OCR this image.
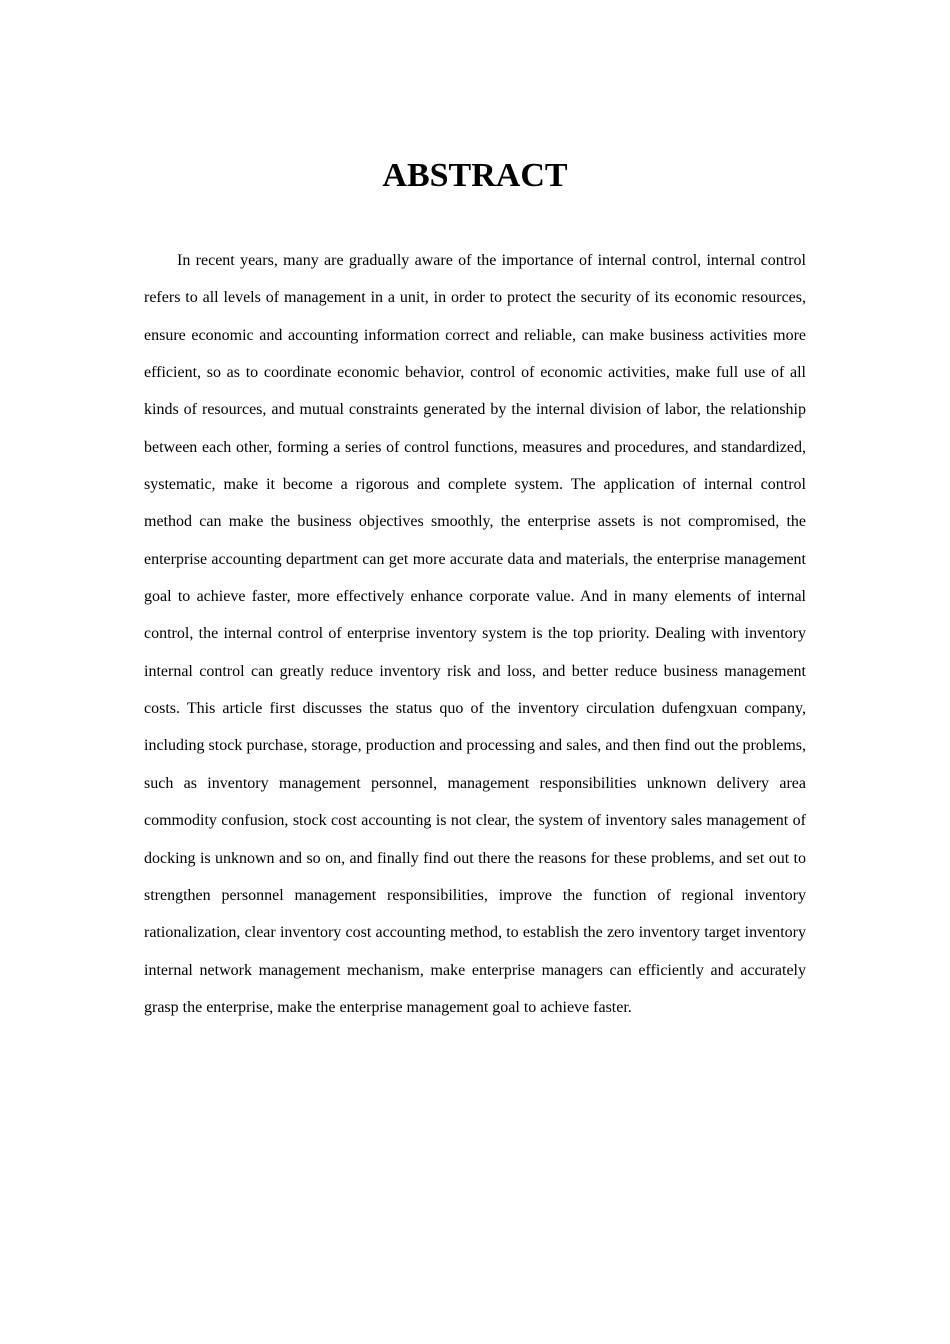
ABSTRACT

In recent years, many are gradually aware of the importance of internal control, internal control refers to all levels of management in a unit, in order to protect the security of its economic resources, ensure economic and accounting information correct and reliable, can make business activities more efficient, so as to coordinate economic behavior, control of economic activities, make full use of all kinds of resources, and mutual constraints generated by the internal division of labor, the relationship between each other, forming a series of control functions, measures and procedures, and standardized, systematic, make it become a rigorous and complete system. The application of internal control method can make the business objectives smoothly, the enterprise assets is not compromised, the enterprise accounting department can get more accurate data and materials, the enterprise management goal to achieve faster, more effectively enhance corporate value. And in many elements of internal control, the internal control of enterprise inventory system is the top priority. Dealing with inventory internal control can greatly reduce inventory risk and loss, and better reduce business management costs. This article first discusses the status quo of the inventory circulation dufengxuan company, including stock purchase, storage, production and processing and sales, and then find out the problems, such as inventory management personnel, management responsibilities unknown delivery area commodity confusion, stock cost accounting is not clear, the system of inventory sales management of docking is unknown and so on, and finally find out there the reasons for these problems, and set out to strengthen personnel management responsibilities, improve the function of regional inventory rationalization, clear inventory cost accounting method, to establish the zero inventory target inventory internal network management mechanism, make enterprise managers can efficiently and accurately grasp the enterprise, make the enterprise management goal to achieve faster.
